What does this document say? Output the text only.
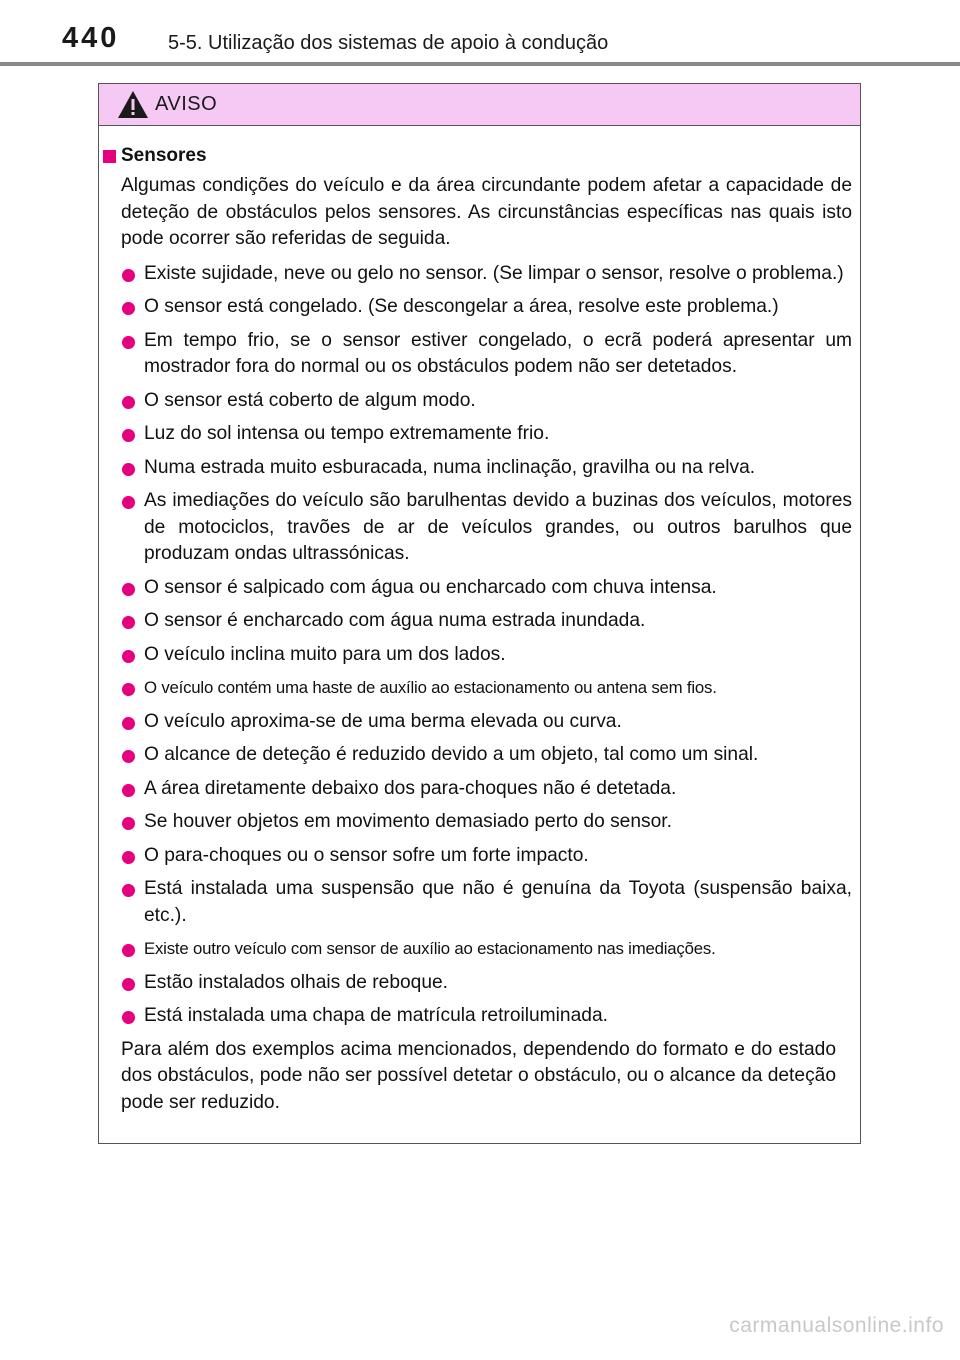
440 5-5. Utilização dos sistemas de apoio à condução
AVISO
Sensores
Algumas condições do veículo e da área circundante podem afetar a capacidade de deteção de obstáculos pelos sensores. As circunstâncias específicas nas quais isto pode ocorrer são referidas de seguida.
Existe sujidade, neve ou gelo no sensor. (Se limpar o sensor, resolve o problema.)
O sensor está congelado. (Se descongelar a área, resolve este problema.)
Em tempo frio, se o sensor estiver congelado, o ecrã poderá apresentar um mostrador fora do normal ou os obstáculos podem não ser detetados.
O sensor está coberto de algum modo.
Luz do sol intensa ou tempo extremamente frio.
Numa estrada muito esburacada, numa inclinação, gravilha ou na relva.
As imediações do veículo são barulhentas devido a buzinas dos veículos, motores de motociclos, travões de ar de veículos grandes, ou outros barulhos que produzam ondas ultrassónicas.
O sensor é salpicado com água ou encharcado com chuva intensa.
O sensor é encharcado com água numa estrada inundada.
O veículo inclina muito para um dos lados.
O veículo contém uma haste de auxílio ao estacionamento ou antena sem fios.
O veículo aproxima-se de uma berma elevada ou curva.
O alcance de deteção é reduzido devido a um objeto, tal como um sinal.
A área diretamente debaixo dos para-choques não é detetada.
Se houver objetos em movimento demasiado perto do sensor.
O para-choques ou o sensor sofre um forte impacto.
Está instalada uma suspensão que não é genuína da Toyota (suspensão baixa, etc.).
Existe outro veículo com sensor de auxílio ao estacionamento nas imediações.
Estão instalados olhais de reboque.
Está instalada uma chapa de matrícula retroiluminada.
Para além dos exemplos acima mencionados, dependendo do formato e do estado dos obstáculos, pode não ser possível detetar o obstáculo, ou o alcance da deteção pode ser reduzido.
carmanualsonline.info
